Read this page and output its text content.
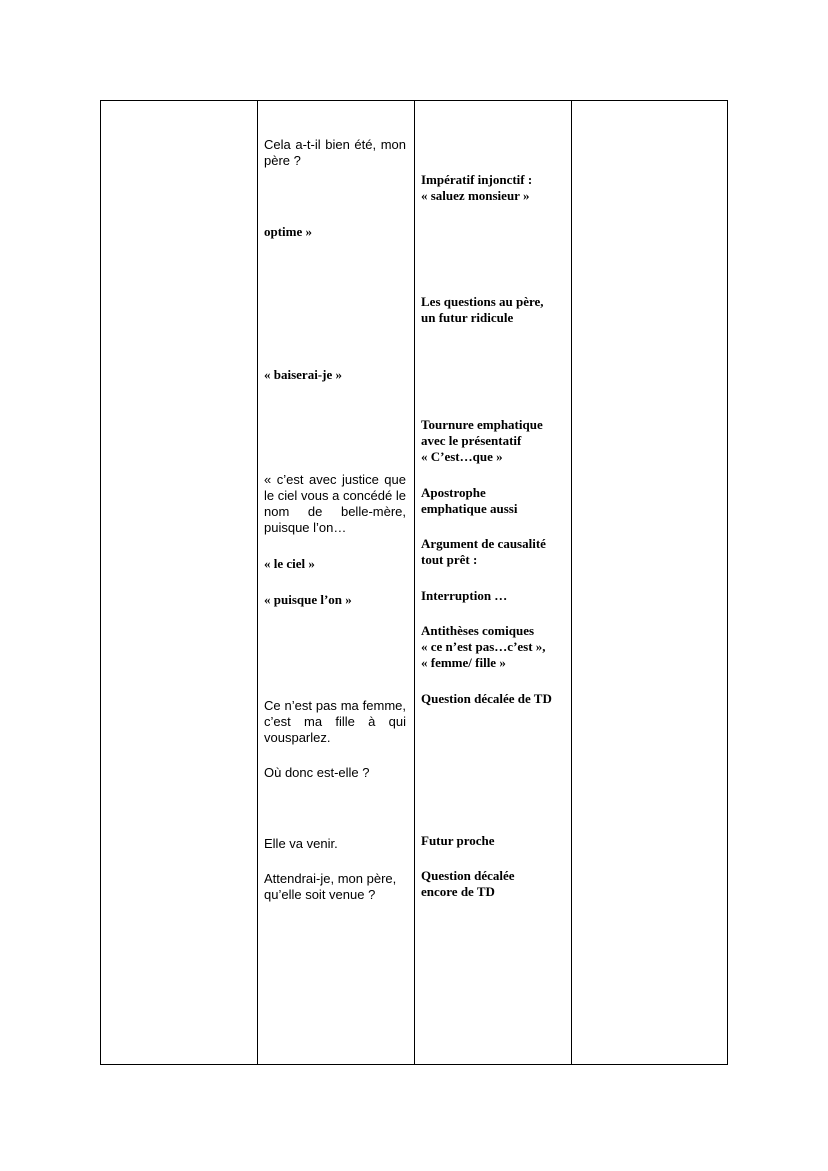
Cela a-t-il bien été, mon père ?
optime »
« baiserai-je »
« c’est avec justice que le ciel vous a concédé le nom de belle-mère, puisque l’on…
« le ciel »
« puisque l’on »
Ce n’est pas ma femme, c’est ma fille à qui vousparlez.
Où donc est-elle ?
Elle va venir.
Attendrai-je, mon père, qu’elle soit venue ?
Impératif injonctif :
« saluez monsieur »
Les questions au père,
un futur ridicule
Tournure emphatique
avec le présentatif
« C’est…que »
Apostrophe
emphatique aussi
Argument de causalité
tout prêt :
Interruption …
Antithèses comiques
« ce n’est pas…c’est »,
« femme/ fille »
Question décalée de TD
Futur proche
Question décalée
encore de TD
